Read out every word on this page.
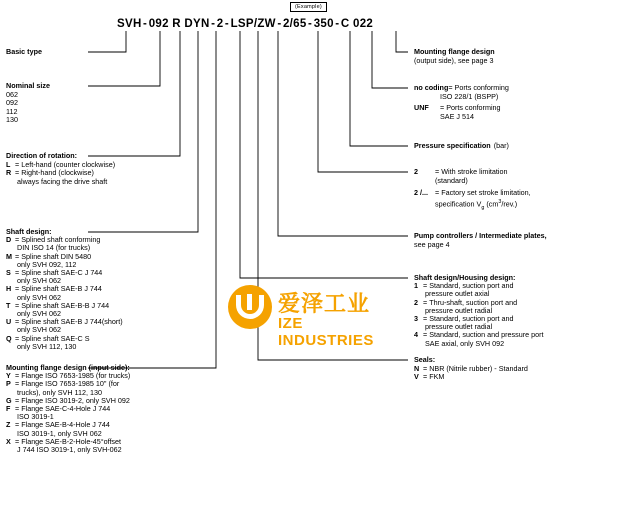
(Example)
SVH - 092 R DYN - 2 - LSP/ZW - 2/65 - 350 - C 022
Basic type
Nominal size
062
092
112
130
Direction of rotation:
L = Left-hand (counter clockwise)
R = Right-hand (clockwise)
always facing the drive shaft
Shaft design:
D = Splined shaft conforming
DIN ISO 14 (for trucks)
M = Spline shaft DIN 5480
only SVH 092, 112
S = Spline shaft SAE-C J 744
only SVH 062
H = Spline shaft SAE-B J 744
only SVH 062
T = Spline shaft SAE-B-B J 744
only SVH 062
U = Spline shaft SAE-B J 744(short)
only SVH 062
Q = Spline shaft SAE-C S
only SVH 112, 130
Mounting flange design (input side):
Y = Flange ISO 7653-1985 (for trucks)
P = Flange ISO 7653-1985 10" (for
trucks), only SVH 112, 130
G = Flange ISO 3019-2, only SVH 092
F = Flange SAE-C-4-Hole J 744
ISO 3019-1
Z = Flange SAE-B-4-Hole J 744
ISO 3019-1, only SVH 062
X = Flange SAE-B-2-Hole-45°offset
J 744 ISO 3019-1, only SVH-062
Mounting flange design
(output side), see page 3
no coding = Ports conforming
ISO 228/1 (BSPP)
UNF	= Ports conforming
SAE J 514
Pressure specification (bar)
2	= With stroke limitation
(standard)
2 /... = Factory set stroke limitation,
specification $V_g$ $(cm^3/rev.)$
Pump controllers / Intermediate plates,
see page 4
Shaft design/Housing design:
1 = Standard, suction port and
pressure outlet axial
2 = Thru-shaft, suction port and
pressure outlet radial
3 = Standard, suction port and
pressure outlet radial
4 = Standard, suction and pressure port
SAE axial, only SVH 092
Seals:
N = NBR (Nitrile rubber) - Standard
V = FKM
爱泽工业
IZE INDUSTRIES
